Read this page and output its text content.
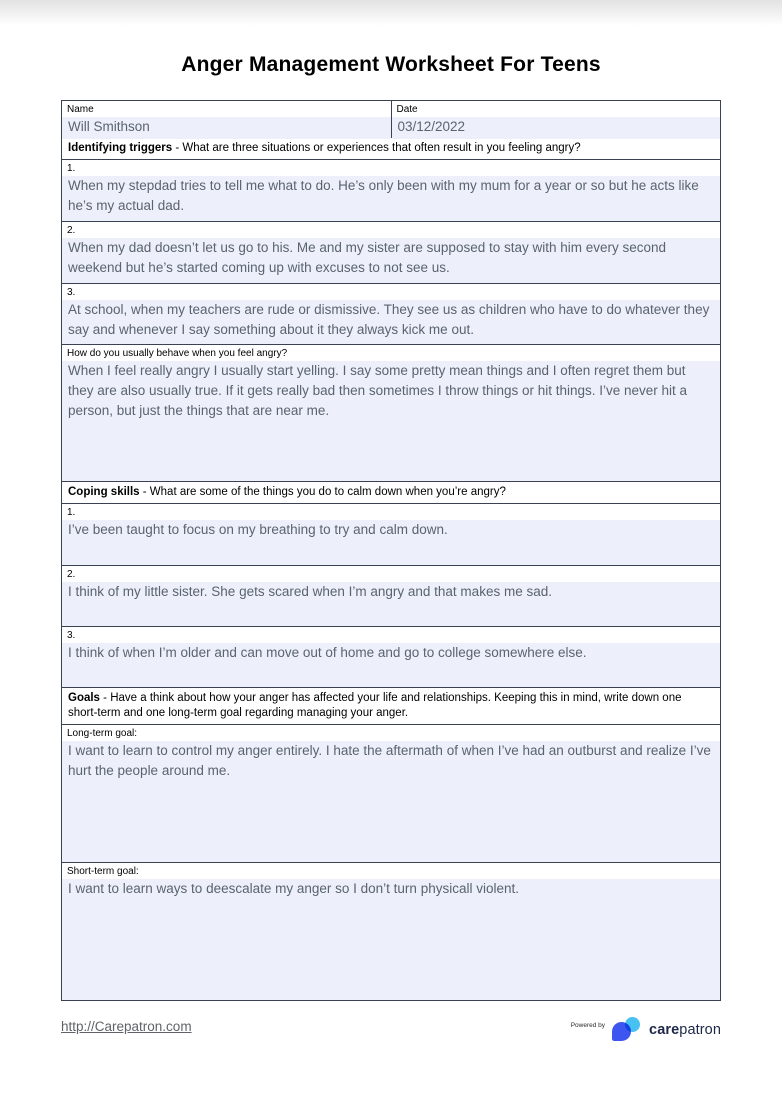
Anger Management Worksheet For Teens
Name
Will Smithson
Date
03/12/2022
Identifying triggers - What are three situations or experiences that often result in you feeling angry?
1.
When my stepdad tries to tell me what to do. He’s only been with my mum for a year or so but he acts like he’s my actual dad.
2.
When my dad doesn’t let us go to his. Me and my sister are supposed to stay with him every second weekend but he’s started coming up with excuses to not see us.
3.
At school, when my teachers are rude or dismissive. They see us as children who have to do whatever they say and whenever I say something about it they always kick me out.
How do you usually behave when you feel angry?
When I feel really angry I usually start yelling. I say some pretty mean things and I often regret them but they are also usually true. If it gets really bad then sometimes I throw things or hit things. I’ve never hit a person, but just the things that are near me.
Coping skills - What are some of the things you do to calm down when you’re angry?
1.
I’ve been taught to focus on my breathing to try and calm down.
2.
I think of my little sister. She gets scared when I’m angry and that makes me sad.
3.
I think of when I’m older and can move out of home and go to college somewhere else.
Goals - Have a think about how your anger has affected your life and relationships. Keeping this in mind, write down one short-term and one long-term goal regarding managing your anger.
Long-term goal:
I want to learn to control my anger entirely. I hate the aftermath of when I’ve had an outburst and realize I’ve hurt the people around me.
Short-term goal:
I want to learn ways to deescalate my anger so I don’t turn physicall violent.
http://Carepatron.com	Powered by	carepatron
